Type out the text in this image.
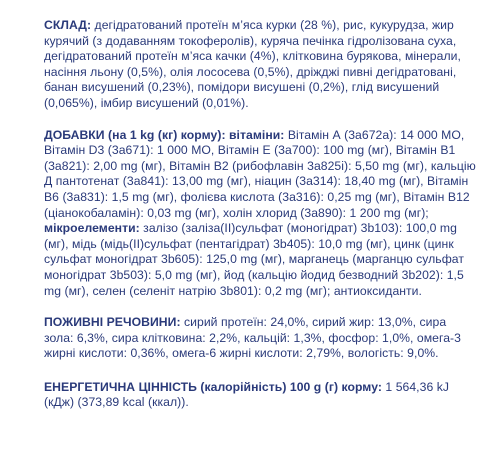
СКЛАД: дегідратований протеїн м’яса курки (28 %), рис, кукурудза, жир курячий (з додаванням токоферолів), куряча печінка гідролізована суха, дегідратований протеїн м’яса качки (4%), клітковина бурякова, мінерали, насіння льону (0,5%), олія лососева (0,5%), дріжджі пивні дегідратовані, банан висушений (0,23%), помідори висушені (0,2%), глід висушений (0,065%), імбир висушений (0,01%).

ДОБАВКИ (на 1 kg (кг) корму): вітаміни: Вітамін А (3а672а): 14 000 МО, Вітамін D3 (3а671): 1 000 МО, Вітамін Е (3а700): 100 mg (мг), Вітамін B1 (3а821): 2,00 mg (мг), Вітамін B2 (рибофлавін 3а825i): 5,50 mg (мг), кальцію Д пантотенат (3а841): 13,00 mg (мг), ніацин (3а314): 18,40 mg (мг), Вітамін B6 (3а831): 1,5 mg (мг), фолієва кислота (3а316): 0,25 mg (мг), Вітамін В12 (ціанокобаламін): 0,03 mg (мг), холін хлорид (3а890): 1 200 mg (мг); мікроелементи: залізо (заліза(ІІ)сульфат (моногідрат) 3b103): 100,0 mg (мг), мідь (мідь(ІІ)сульфат (пентагідрат) 3b405): 10,0 mg (мг), цинк (цинк сульфат моногідрат 3b605): 125,0 mg (мг), марганець (марганцю сульфат моногідрат 3b503): 5,0 mg (мг), йод (кальцію йодид безводний 3b202): 1,5 mg (мг), селен (селеніт натрію 3b801): 0,2 mg (мг); антиоксиданти.

ПОЖИВНІ РЕЧОВИНИ: сирий протеїн: 24,0%, сирий жир: 13,0%, сира зола: 6,3%, сира клітковина: 2,2%, кальцій: 1,3%, фосфор: 1,0%, омега-3 жирні кислоти: 0,36%, омега-6 жирні кислоти: 2,79%, вологість: 9,0%.

ЕНЕРГЕТИЧНА ЦІННІСТЬ (калорійність) 100 g (г) корму: 1 564,36 kJ (кДж) (373,89 kcal (ккал)).
